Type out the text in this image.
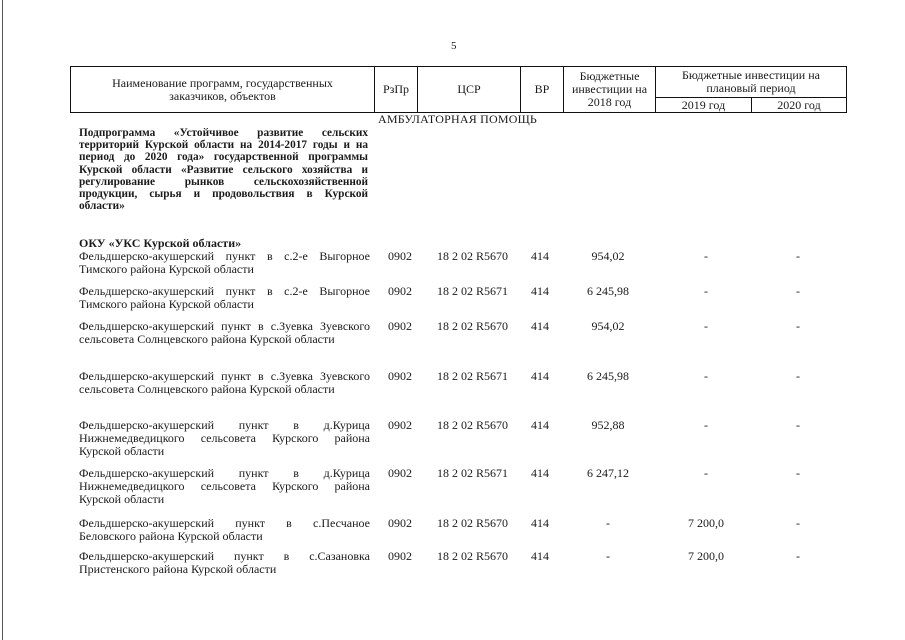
5
Наименование программ, государственных заказчиков, объектов	РзПр	ЦСР	ВР	Бюджетные инвестиции на 2018 год	Бюджетные инвестиции на плановый период	
					2019 год	2020 год
АМБУЛАТОРНАЯ ПОМОЩЬ
Подпрограмма «Устойчивое развитие сельских территорий Курской области на 2014-2017 годы и на период до 2020 года» государственной программы Курской области «Развитие сельского хозяйства и регулирование рынков сельскохозяйственной продукции, сырья и продовольствия в Курской области»
ОКУ «УКС Курской области»
Фельдшерско-акушерский пункт в с.2-е Выгорное Тимского района Курской области
0902	18 2 02 R5670	414	954,02	-	-
Фельдшерско-акушерский пункт в с.2-е Выгорное Тимского района Курской области
0902	18 2 02 R5671	414	6 245,98	-	-
Фельдшерско-акушерский пункт в с.Зуевка Зуевского сельсовета Солнцевского района Курской области
0902	18 2 02 R5670	414	954,02	-	-
Фельдшерско-акушерский пункт в с.Зуевка Зуевского сельсовета Солнцевского района Курской области
0902	18 2 02 R5671	414	6 245,98	-	-
Фельдшерско-акушерский пункт в д.Курица Нижнемедведицкого сельсовета Курского района Курской области
0902	18 2 02 R5670	414	952,88	-	-
Фельдшерско-акушерский пункт в д.Курица Нижнемедведицкого сельсовета Курского района Курской области
0902	18 2 02 R5671	414	6 247,12	-	-
Фельдшерско-акушерский пункт в с.Песчаное Беловского района Курской области
0902	18 2 02 R5670	414	-	7 200,0	-
Фельдшерско-акушерский пункт в с.Сазановка Пристенского района Курской области
0902	18 2 02 R5670	414	-	7 200,0	-
